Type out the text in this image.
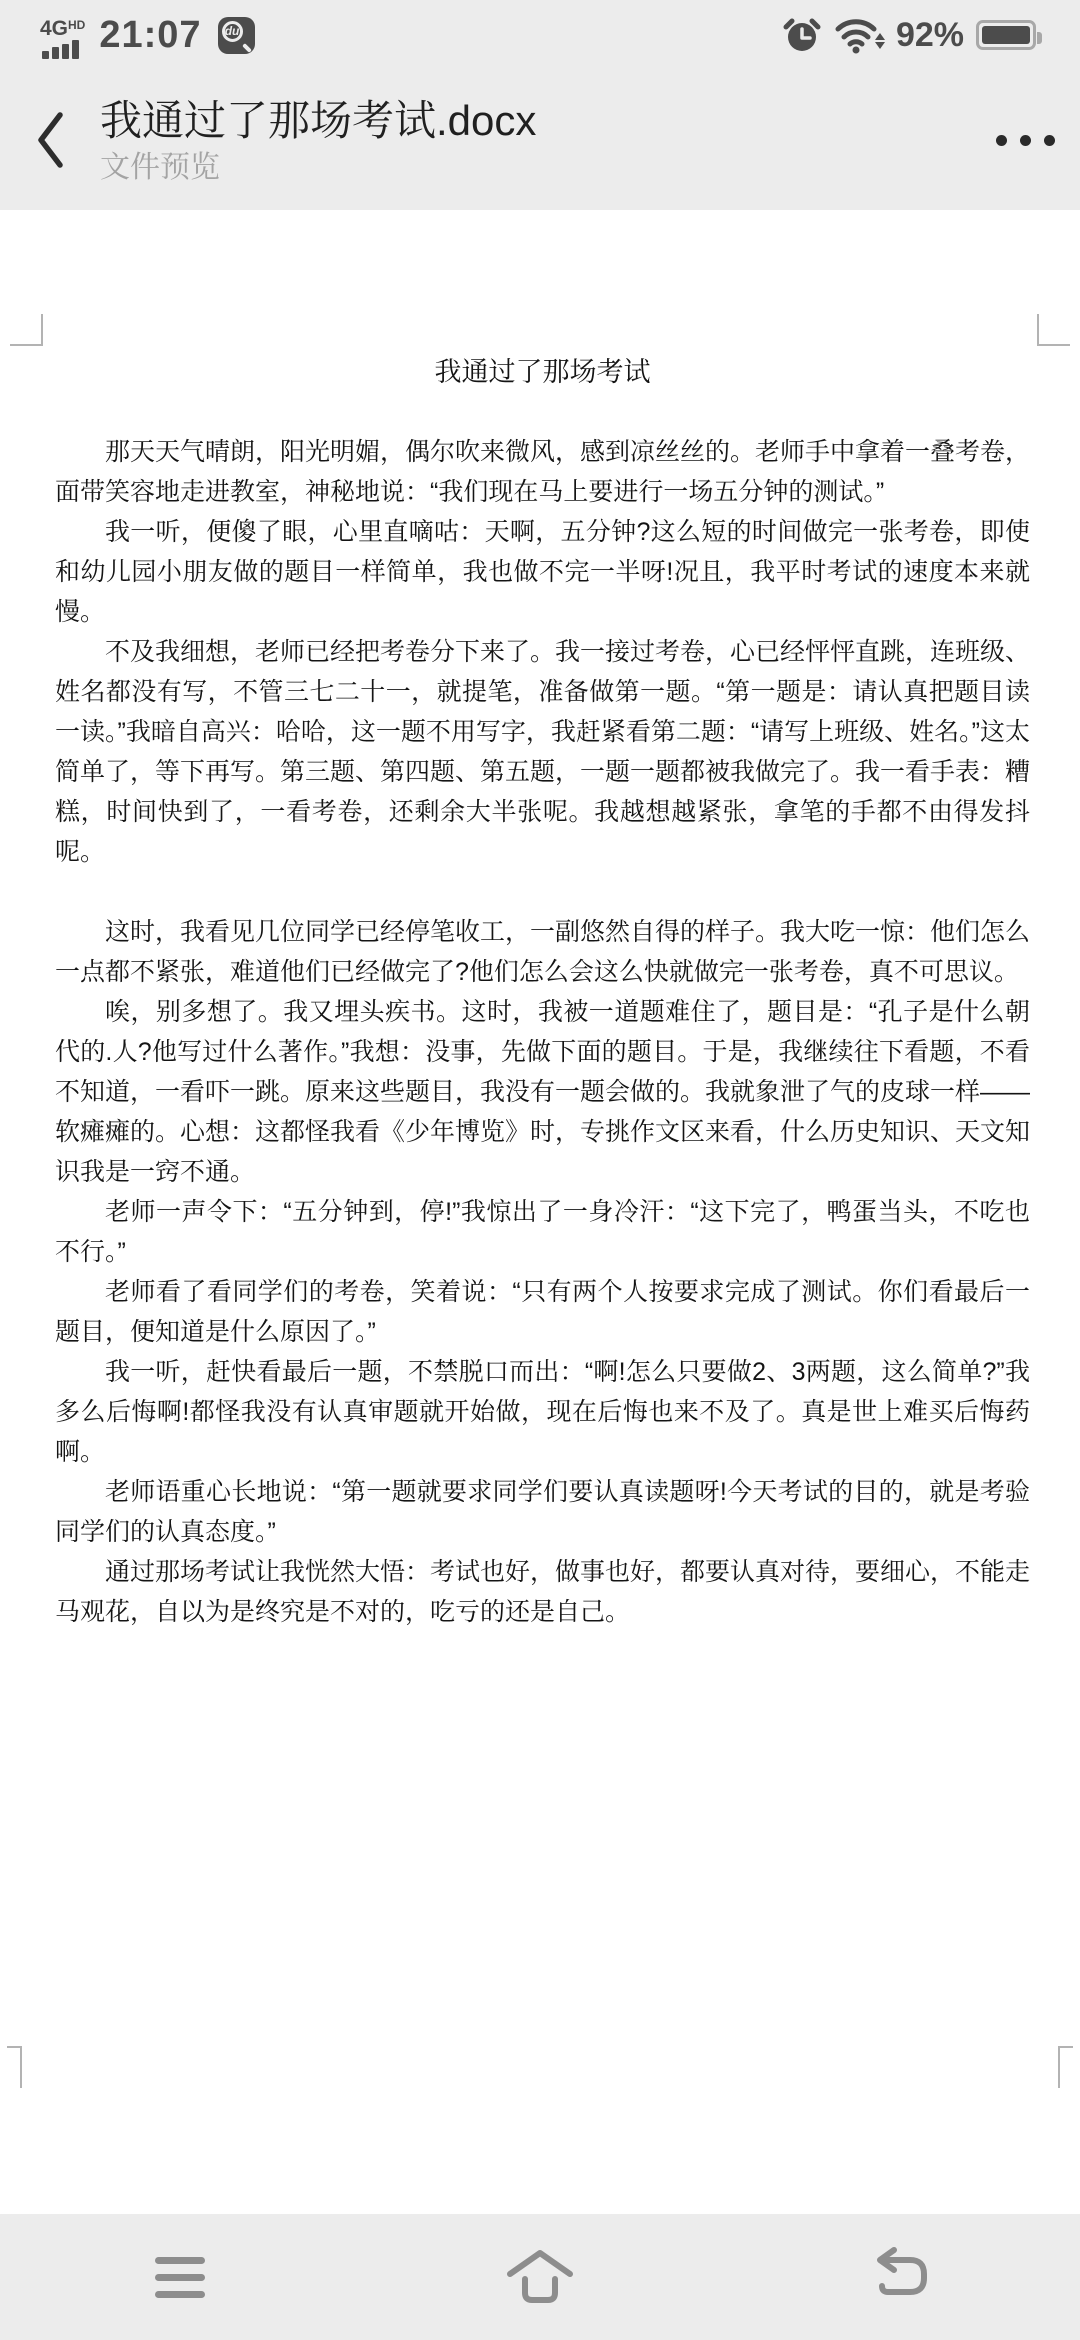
$4G^{HD}$ 21:07 du	92%
我通过了那场考试.docx
文件预览
我通过了那场考试

那天天气晴朗，阳光明媚，偶尔吹来微风，感到凉丝丝的。老师手中拿着一叠考卷，面带笑容地走进教室，神秘地说：“我们现在马上要进行一场五分钟的测试。”

我一听，便傻了眼，心里直嘀咕：天啊，五分钟?这么短的时间做完一张考卷，即使和幼儿园小朋友做的题目一样简单，我也做不完一半呀!况且，我平时考试的速度本来就慢。

不及我细想，老师已经把考卷分下来了。我一接过考卷，心已经怦怦直跳，连班级、姓名都没有写，不管三七二十一，就提笔，准备做第一题。“第一题是：请认真把题目读一读。”我暗自高兴：哈哈，这一题不用写字，我赶紧看第二题：“请写上班级、姓名。”这太简单了，等下再写。第三题、第四题、第五题，一题一题都被我做完了。我一看手表：糟糕，时间快到了，一看考卷，还剩余大半张呢。我越想越紧张，拿笔的手都不由得发抖呢。

这时，我看见几位同学已经停笔收工，一副悠然自得的样子。我大吃一惊：他们怎么一点都不紧张，难道他们已经做完了?他们怎么会这么快就做完一张考卷，真不可思议。

唉，别多想了。我又埋头疾书。这时，我被一道题难住了，题目是：“孔子是什么朝代的.人?他写过什么著作。”我想：没事，先做下面的题目。于是，我继续往下看题，不看不知道，一看吓一跳。原来这些题目，我没有一题会做的。我就象泄了气的皮球一样——软瘫瘫的。心想：这都怪我看《少年博览》时，专挑作文区来看，什么历史知识、天文知识我是一窍不通。

老师一声令下：“五分钟到，停!”我惊出了一身冷汗：“这下完了，鸭蛋当头，不吃也不行。”

老师看了看同学们的考卷，笑着说：“只有两个人按要求完成了测试。你们看最后一题目，便知道是什么原因了。”

我一听，赶快看最后一题，不禁脱口而出：“啊!怎么只要做2、3两题，这么简单?”我多么后悔啊!都怪我没有认真审题就开始做，现在后悔也来不及了。真是世上难买后悔药啊。

老师语重心长地说：“第一题就要求同学们要认真读题呀!今天考试的目的，就是考验同学们的认真态度。”

通过那场考试让我恍然大悟：考试也好，做事也好，都要认真对待，要细心，不能走马观花，自以为是终究是不对的，吃亏的还是自己。
